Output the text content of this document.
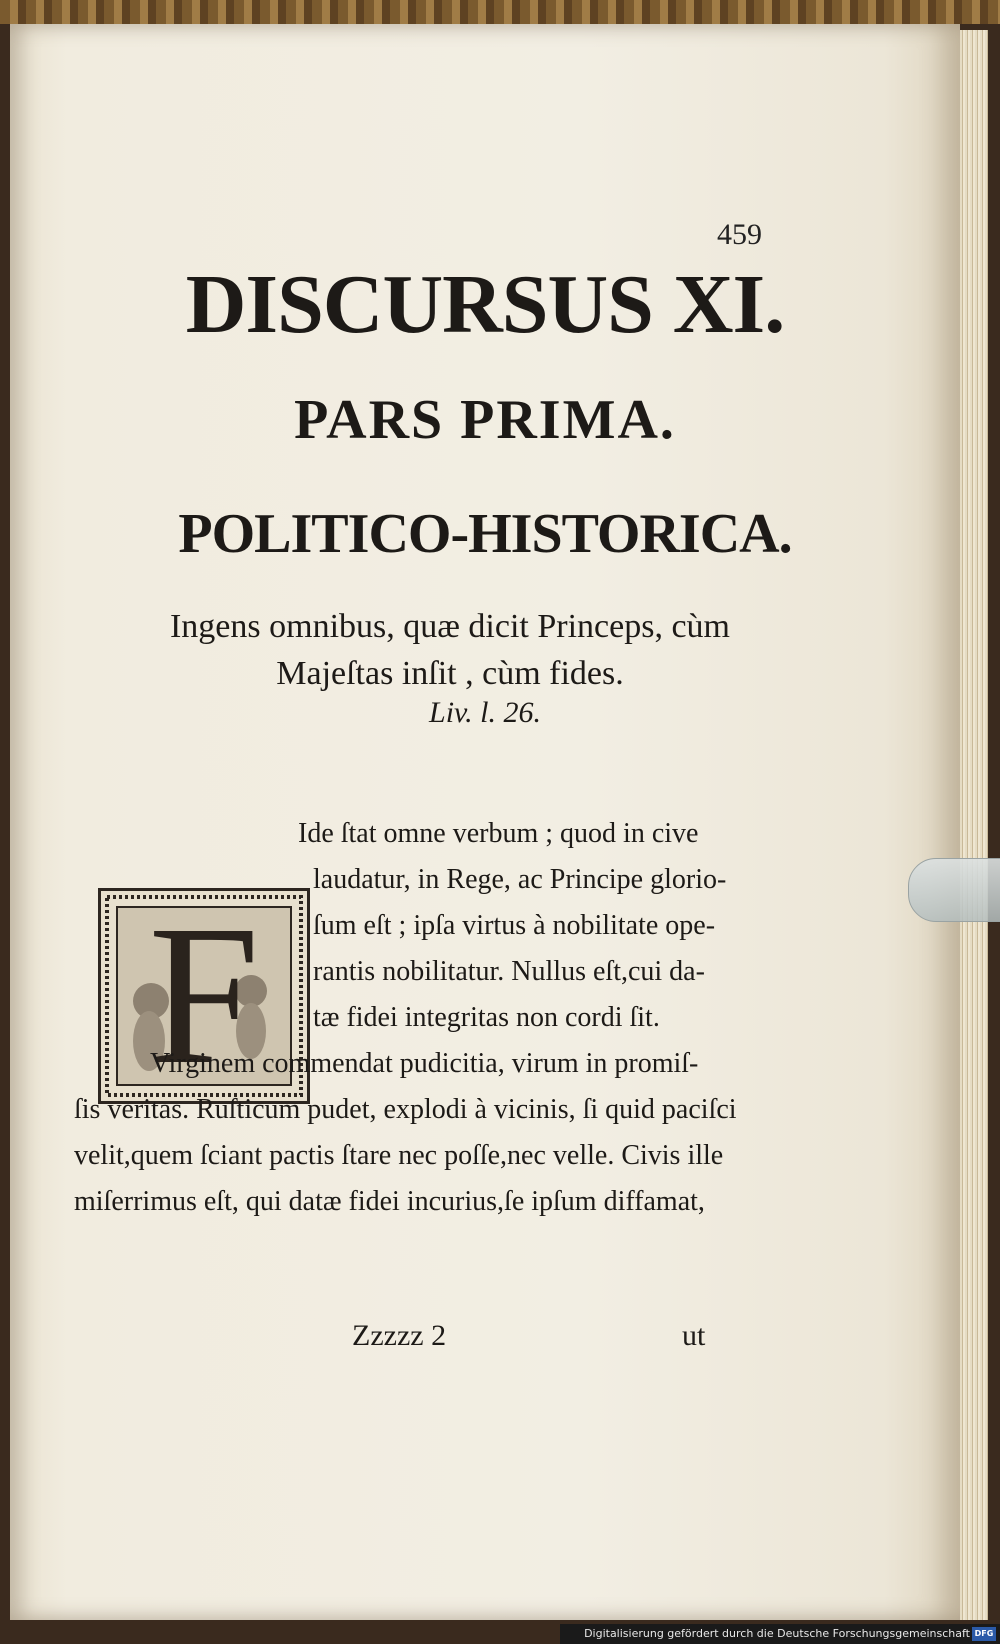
459
DISCURSUS XI.
PARS PRIMA.
POLITICO-HISTORICA.
Ingens omnibus, quæ dicit Princeps, cùm
Majeſtas inſit , cùm fides.
Liv. l. 26.
F
Ide ſtat omne verbum ; quod in cive
laudatur, in Rege, ac Principe glorio-
ſum eſt ; ipſa virtus à nobilitate ope-
rantis nobilitatur. Nullus eſt,cui da-
tæ fidei integritas non cordi ſit.
Virginem commendat pudicitia, virum in promiſ-
ſis veritas. Ruſticum pudet, explodi à vicinis, ſi quid paciſci
velit,quem ſciant pactis ſtare nec poſſe,nec velle. Civis ille
miſerrimus eſt, qui datæ fidei incurius,ſe ipſum diffamat,
Zzzzz 2	ut
Digitalisierung gefördert durch die Deutsche Forschungsgemeinschaft DFG
